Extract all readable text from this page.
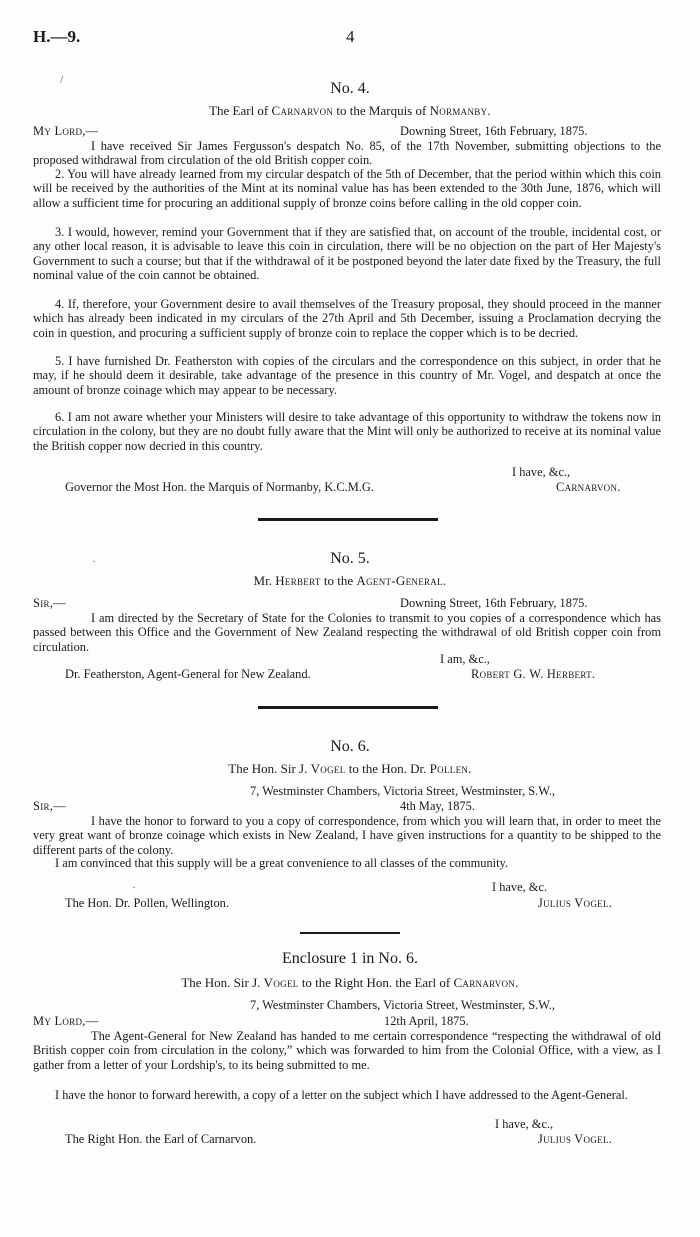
H.—9.	4
/
No. 4.
The Earl of Carnarvon to the Marquis of Normanby.
My Lord,—	Downing Street, 16th February, 1875.

I have received Sir James Fergusson's despatch No. 85, of the 17th November, submitting objections to the proposed withdrawal from circulation of the old British copper coin.

2. You will have already learned from my circular despatch of the 5th of December, that the period within which this coin will be received by the authorities of the Mint at its nominal value has has been extended to the 30th June, 1876, which will allow a sufficient time for procuring an additional supply of bronze coins before calling in the old copper coin.

3. I would, however, remind your Government that if they are satisfied that, on account of the trouble, incidental cost, or any other local reason, it is advisable to leave this coin in circulation, there will be no objection on the part of Her Majesty's Government to such a course; but that if the withdrawal of it be postponed beyond the later date fixed by the Treasury, the full nominal value of the coin cannot be obtained.

4. If, therefore, your Government desire to avail themselves of the Treasury proposal, they should proceed in the manner which has already been indicated in my circulars of the 27th April and 5th December, issuing a Proclamation decrying the coin in question, and procuring a sufficient supply of bronze coin to replace the copper which is to be decried.

5. I have furnished Dr. Featherston with copies of the circulars and the correspondence on this subject, in order that he may, if he should deem it desirable, take advantage of the presence in this country of Mr. Vogel, and despatch at once the amount of bronze coinage which may appear to be necessary.

6. I am not aware whether your Ministers will desire to take advantage of this opportunity to withdraw the tokens now in circulation in the colony, but they are no doubt fully aware that the Mint will only be authorized to receive at its nominal value the British copper now decried in this country.

I have, &c.,
Governor the Most Hon. the Marquis of Normanby, K.C.M.G.	Carnarvon.
·	No. 5.
Mr. Herbert to the Agent-General.
Sir,—	Downing Street, 16th February, 1875.

I am directed by the Secretary of State for the Colonies to transmit to you copies of a correspondence which has passed between this Office and the Government of New Zealand respecting the withdrawal of old British copper coin from circulation.

I am, &c.,
Dr. Featherston, Agent-General for New Zealand.	Robert G. W. Herbert.
No. 6.
The Hon. Sir J. Vogel to the Hon. Dr. Pollen.
7, Westminster Chambers, Victoria Street, Westminster, S.W.,
Sir,—	4th May, 1875.

I have the honor to forward to you a copy of correspondence, from which you will learn that, in order to meet the very great want of bronze coinage which exists in New Zealand, I have given instructions for a quantity to be shipped to the different parts of the colony.

I am convinced that this supply will be a great convenience to all classes of the community.

·	I have, &c.
The Hon. Dr. Pollen, Wellington.	Julius Vogel.
Enclosure 1 in No. 6.
The Hon. Sir J. Vogel to the Right Hon. the Earl of Carnarvon.
7, Westminster Chambers, Victoria Street, Westminster, S.W.,
My Lord,—	12th April, 1875.

The Agent-General for New Zealand has handed to me certain correspondence “respecting the withdrawal of old British copper coin from circulation in the colony,” which was forwarded to him from the Colonial Office, with a view, as I gather from a letter of your Lordship's, to its being submitted to me.

I have the honor to forward herewith, a copy of a letter on the subject which I have addressed to the Agent-General.

I have, &c.,
The Right Hon. the Earl of Carnarvon.	Julius Vogel.
